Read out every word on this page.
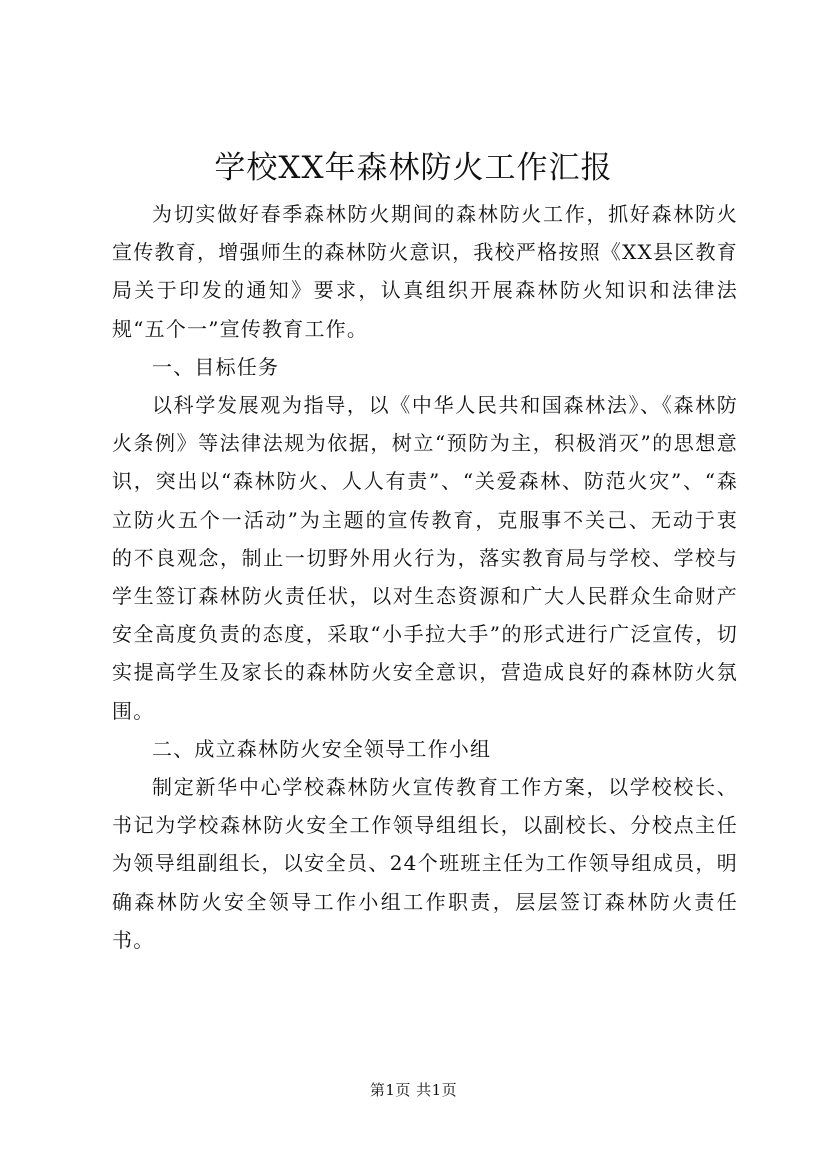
学校XX年森林防火工作汇报

为切实做好春季森林防火期间的森林防火工作，抓好森林防火宣传教育，增强师生的森林防火意识，我校严格按照《XX县区教育局关于印发的通知》要求，认真组织开展森林防火知识和法律法规“五个一”宣传教育工作。

一、目标任务

以科学发展观为指导，以《中华人民共和国森林法》、《森林防火条例》等法律法规为依据，树立“预防为主，积极消灭”的思想意识，突出以“森林防火、人人有责”、“关爱森林、防范火灾”、“森立防火五个一活动”为主题的宣传教育，克服事不关己、无动于衷的不良观念，制止一切野外用火行为，落实教育局与学校、学校与学生签订森林防火责任状，以对生态资源和广大人民群众生命财产安全高度负责的态度，采取“小手拉大手”的形式进行广泛宣传，切实提高学生及家长的森林防火安全意识，营造成良好的森林防火氛围。

二、成立森林防火安全领导工作小组

制定新华中心学校森林防火宣传教育工作方案，以学校校长、书记为学校森林防火安全工作领导组组长，以副校长、分校点主任为领导组副组长，以安全员、24个班班主任为工作领导组成员，明确森林防火安全领导工作小组工作职责，层层签订森林防火责任书。

第1页 共1页
